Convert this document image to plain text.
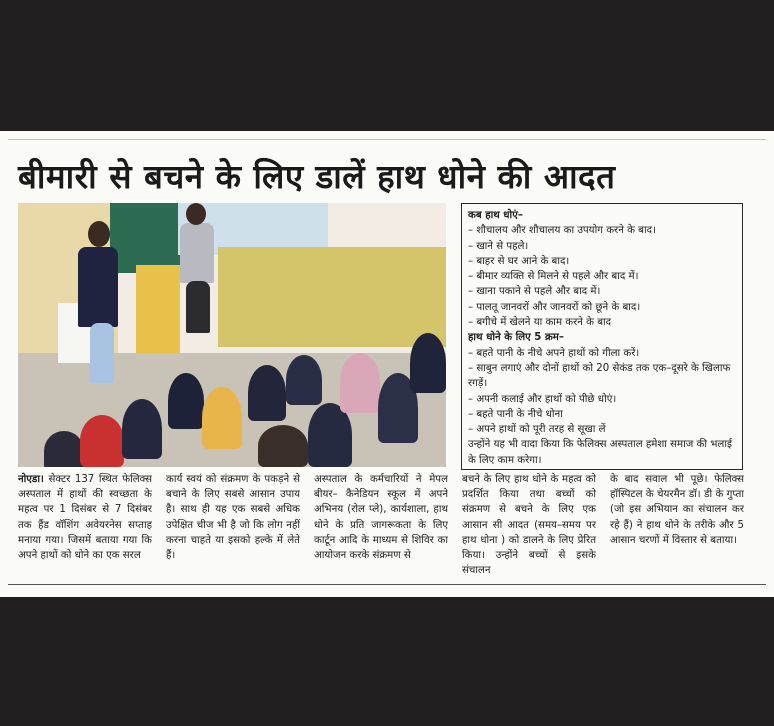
बीमारी से बचने के लिए डालें हाथ धोने की आदत
कब हाथ धोएं–
– शौचालय और शौचालय का उपयोग करने के बाद।
– खाने से पहले।
– बाहर से घर आने के बाद।
– बीमार व्यक्ति से मिलने से पहले और बाद में।
– खाना पकाने से पहले और बाद में।
– पालतू जानवरों और जानवरों को छूने के बाद।
– बगीचे में खेलने या काम करने के बाद
हाथ धोने के लिए 5 क्रम–
– बहते पानी के नीचे अपने हाथों को गीला करें।
– साबुन लगाएं और दोनों हाथों को 20 सेकंड तक एक–दूसरे के खिलाफ रगड़ें।
– अपनी कलाई और हाथों को पीछे धोएं।
– बहते पानी के नीचे धोना
– अपने हाथों को पूरी तरह से सूखा लें
उन्होंने यह भी वादा किया कि फेलिक्स अस्पताल हमेशा समाज की भलाई के लिए काम करेगा।
नोएडा। सेक्टर 137 स्थित फेलिक्स अस्पताल में हाथों की स्वच्छता के महत्व पर 1 दिसंबर से 7 दिसंबर तक हैंड वॉशिंग अवेयरनेस सप्ताह मनाया गया। जिसमें बताया गया कि अपने हाथों को धोने का एक सरल
कार्य स्वयं को संक्रमण के पकड़ने से बचाने के लिए सबसे आसान उपाय है। साथ ही यह एक सबसे अधिक उपेक्षित चीज भी है जो कि लोग नहीं करना चाहते या इसको हल्के में लेते हैं।
अस्पताल के कर्मचारियों ने मेपल बीयर– कैनेडियन स्कूल में अपने अभिनय (रोल प्ले), कार्यशाला, हाथ धोने के प्रति जागरूकता के लिए कार्टून आदि के माध्यम से शिविर का आयोजन करके संक्रमण से
बचने के लिए हाथ धोने के महत्व को प्रदर्शित किया तथा बच्चों को संक्रमण से बचने के लिए एक आसान सी आदत (समय–समय पर हाथ धोना ) को डालने के लिए प्रेरित किया। उन्होंने बच्चों से इसके संचालन
के बाद सवाल भी पूछे। फेलिक्स हॉस्पिटल के चेयरमैन डॉ। डी के गुप्ता (जो इस अभियान का संचालन कर रहे हैं) ने हाथ धोने के तरीके और 5 आसान चरणों में विस्तार से बताया।
